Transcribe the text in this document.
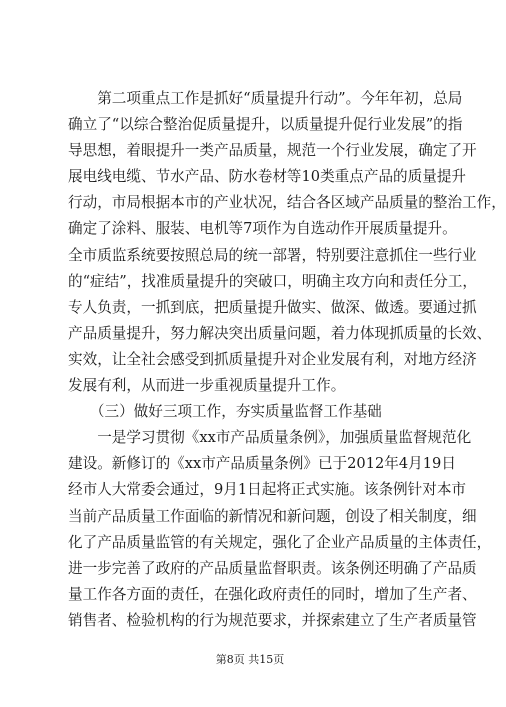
　　第二项重点工作是抓好“质量提升行动”。今年年初，总局
确立了“以综合整治促质量提升，以质量提升促行业发展”的指
导思想，着眼提升一类产品质量，规范一个行业发展，确定了开
展电线电缆、节水产品、防水卷材等10类重点产品的质量提升
行动，市局根据本市的产业状况，结合各区域产品质量的整治工作，
确定了涂料、服装、电机等7项作为自选动作开展质量提升。
全市质监系统要按照总局的统一部署，特别要注意抓住一些行业
的“症结”，找准质量提升的突破口，明确主攻方向和责任分工，
专人负责，一抓到底，把质量提升做实、做深、做透。要通过抓
产品质量提升，努力解决突出质量问题，着力体现抓质量的长效、
实效，让全社会感受到抓质量提升对企业发展有利，对地方经济
发展有利，从而进一步重视质量提升工作。
　　（三）做好三项工作，夯实质量监督工作基础
　　一是学习贯彻《xx市产品质量条例》，加强质量监督规范化
建设。新修订的《xx市产品质量条例》已于2012年4月19日
经市人大常委会通过，9月1日起将正式实施。该条例针对本市
当前产品质量工作面临的新情况和新问题，创设了相关制度，细
化了产品质量监管的有关规定，强化了企业产品质量的主体责任，
进一步完善了政府的产品质量监督职责。该条例还明确了产品质
量工作各方面的责任，在强化政府责任的同时，增加了生产者、
销售者、检验机构的行为规范要求，并探索建立了生产者质量管
第8页 共15页
